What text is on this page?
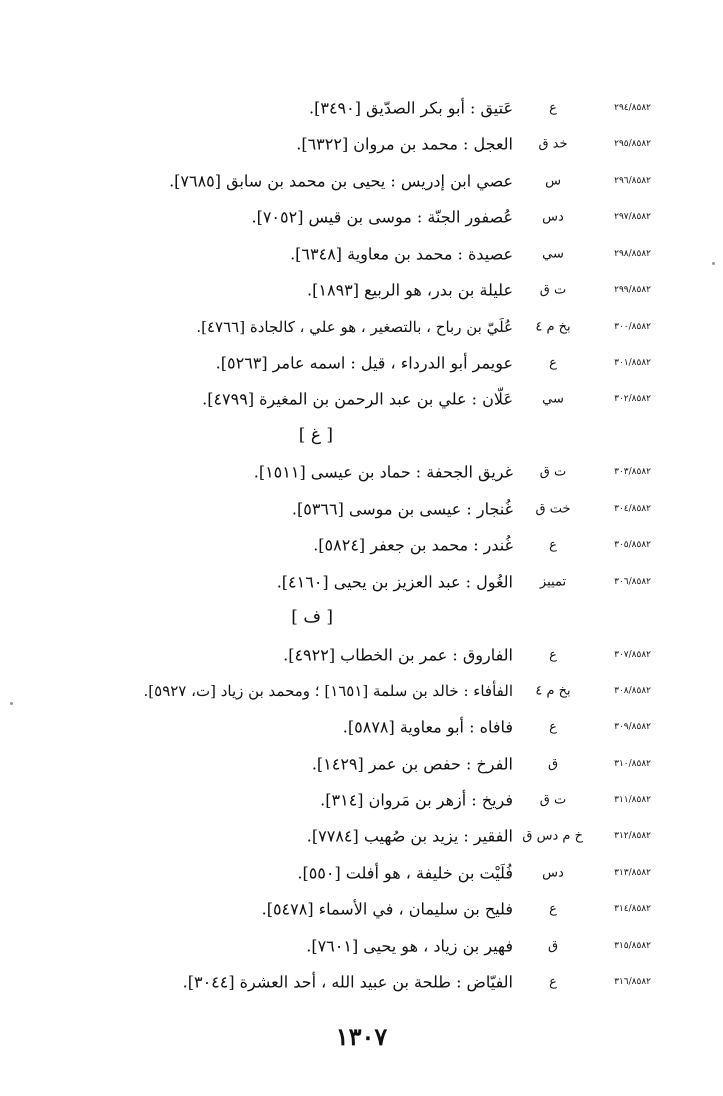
٢٩٤/٨٥٨٢
ع
عَتيق : أبو بكر الصدّيق [٣٤٩٠].
٢٩٥/٨٥٨٢
خد ق
العجل : محمد بن مروان [٦٣٢٢].
٢٩٦/٨٥٨٢
س
عصي ابن إدريس : يحيى بن محمد بن سابق [٧٦٨٥].
٢٩٧/٨٥٨٢
دس
عُصفور الجنّة : موسى بن قيس [٧٠٥٢].
٢٩٨/٨٥٨٢
سي
عصيدة : محمد بن معاوية [٦٣٤٨].
٢٩٩/٨٥٨٢
ت ق
عليلة بن بدر، هو الربيع [١٨٩٣].
٣٠٠/٨٥٨٢
بخ م ٤
عُلَيّ بن رباح ، بالتصغير ، هو علي ، كالجادة [٤٧٦٦].
٣٠١/٨٥٨٢
ع
عويمر أبو الدرداء ، قيل : اسمه عامر [٥٢٦٣].
٣٠٢/٨٥٨٢
سي
عَلّان : علي بن عبد الرحمن بن المغيرة [٤٧٩٩].
[ غ ]
٣٠٣/٨٥٨٢
ت ق
غريق الجحفة : حماد بن عيسى [١٥١١].
٣٠٤/٨٥٨٢
خت ق
غُنجار : عيسى بن موسى [٥٣٦٦].
٣٠٥/٨٥٨٢
ع
غُندر : محمد بن جعفر [٥٨٢٤].
٣٠٦/٨٥٨٢
تمييز
الغُول : عبد العزيز بن يحيى [٤١٦٠].
[ ف ]
٣٠٧/٨٥٨٢
ع
الفاروق : عمر بن الخطاب [٤٩٢٢].
٣٠٨/٨٥٨٢
بخ م ٤
الفأفاء : خالد بن سلمة [١٦٥١] ؛ ومحمد بن زياد [ت، ٥٩٢٧].
٣٠٩/٨٥٨٢
ع
فافاه : أبو معاوية [٥٨٧٨].
٣١٠/٨٥٨٢
ق
الفرخ : حفص بن عمر [١٤٢٩].
٣١١/٨٥٨٢
ت ق
فريخ : أزهر بن مَروان [٣١٤].
٣١٢/٨٥٨٢
خ م دس ق
الفقير : يزيد بن صُهيب [٧٧٨٤].
٣١٣/٨٥٨٢
دس
فُلَيْت بن خليفة ، هو أفلت [٥٥٠].
٣١٤/٨٥٨٢
ع
فليح بن سليمان ، في الأسماء [٥٤٧٨].
٣١٥/٨٥٨٢
ق
فهير بن زياد ، هو يحيى [٧٦٠١].
٣١٦/٨٥٨٢
ع
الفيّاض : طلحة بن عبيد الله ، أحد العشرة [٣٠٤٤].
١٣٠٧
